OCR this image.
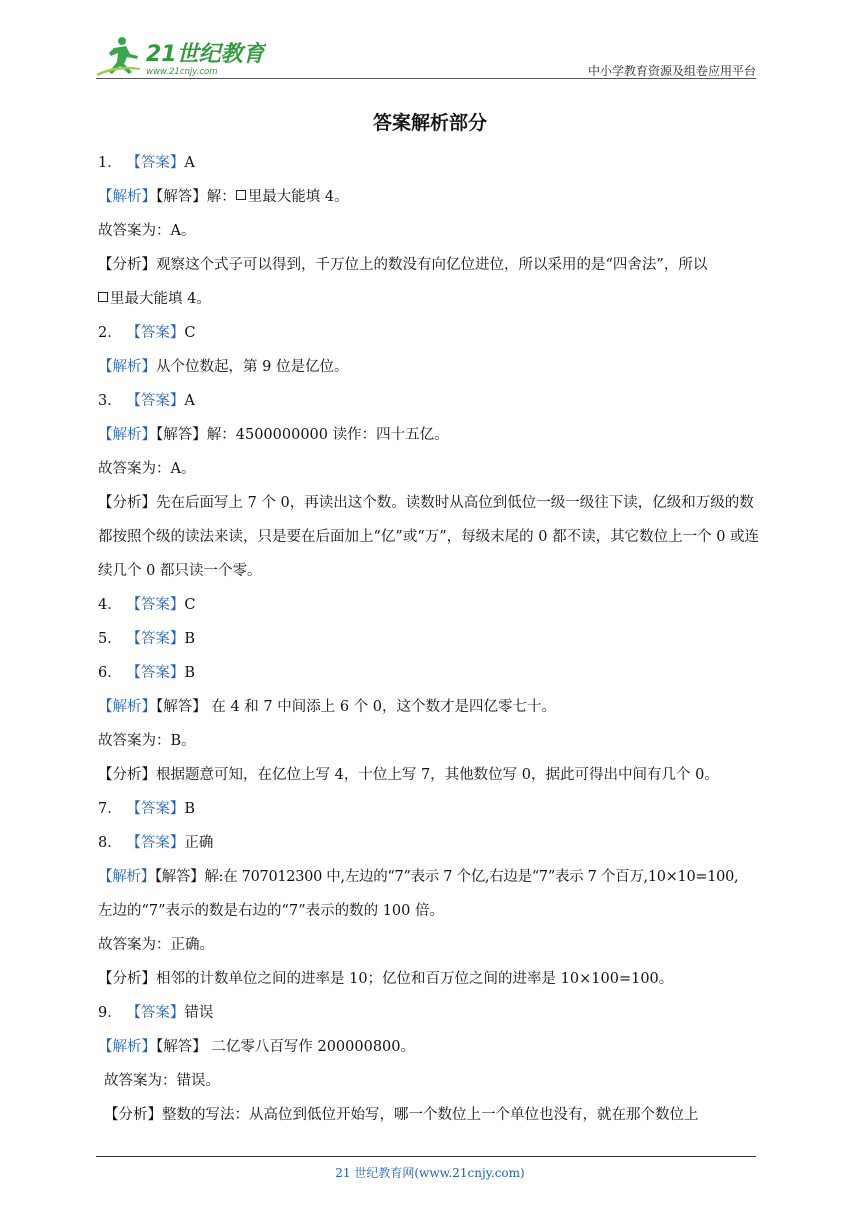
21世纪教育
www.21cnjy.com	中小学教育资源及组卷应用平台
答案解析部分
1． 【答案】A
【解析】【解答】解： 里最大能填 4。
故答案为：A。
【分析】观察这个式子可以得到，千万位上的数没有向亿位进位，所以采用的是“四舍法”，所以
里最大能填 4。
2． 【答案】C
【解析】从个位数起，第 9 位是亿位。
3． 【答案】A
【解析】【解答】解：4500000000 读作：四十五亿。
故答案为：A。
【分析】先在后面写上 7 个 0，再读出这个数。读数时从高位到低位一级一级往下读，亿级和万级的数都按照个级的读法来读，只是要在后面加上“亿”或“万”，每级末尾的 0 都不读，其它数位上一个 0 或连续几个 0 都只读一个零。
4． 【答案】C
5． 【答案】B
6． 【答案】B
【解析】【解答】 在 4 和 7 中间添上 6 个 0，这个数才是四亿零七十。
故答案为：B。
【分析】根据题意可知，在亿位上写 4，十位上写 7，其他数位写 0，据此可得出中间有几个 0。
7． 【答案】B
8． 【答案】正确
【解析】【解答】解:在 707012300 中,左边的“7”表示 7 个亿,右边是“7”表示 7 个百万,10×10=100,
左边的“7”表示的数是右边的“7”表示的数的 100 倍。
故答案为：正确。
【分析】相邻的计数单位之间的进率是 10；亿位和百万位之间的进率是 10×100=100。
9． 【答案】错误
【解析】【解答】 二亿零八百写作 200000800。
故答案为：错误。
【分析】整数的写法：从高位到低位开始写，哪一个数位上一个单位也没有，就在那个数位上
21 世纪教育网(www.21cnjy.com)
